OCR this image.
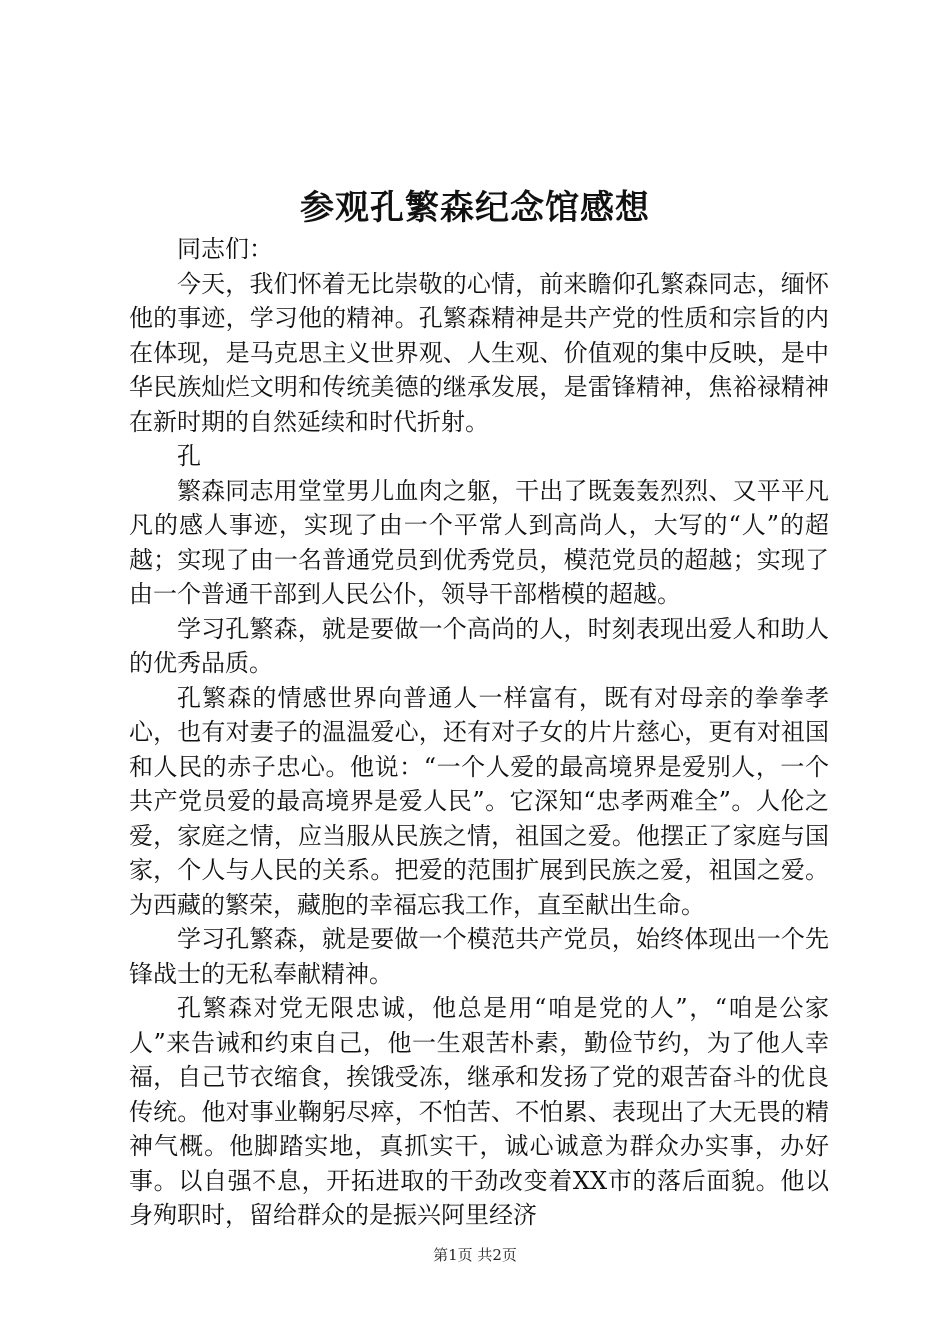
参观孔繁森纪念馆感想

同志们：

今天，我们怀着无比崇敬的心情，前来瞻仰孔繁森同志，缅怀他的事迹，学习他的精神。孔繁森精神是共产党的性质和宗旨的内在体现，是马克思主义世界观、人生观、价值观的集中反映，是中华民族灿烂文明和传统美德的继承发展，是雷锋精神，焦裕禄精神在新时期的自然延续和时代折射。

孔

繁森同志用堂堂男儿血肉之躯，干出了既轰轰烈烈、又平平凡凡的感人事迹，实现了由一个平常人到高尚人，大写的“人”的超越；实现了由一名普通党员到优秀党员，模范党员的超越；实现了由一个普通干部到人民公仆，领导干部楷模的超越。

学习孔繁森，就是要做一个高尚的人，时刻表现出爱人和助人的优秀品质。

孔繁森的情感世界向普通人一样富有，既有对母亲的拳拳孝心，也有对妻子的温温爱心，还有对子女的片片慈心，更有对祖国和人民的赤子忠心。他说：“一个人爱的最高境界是爱别人，一个共产党员爱的最高境界是爱人民”。它深知“忠孝两难全”。人伦之爱，家庭之情，应当服从民族之情，祖国之爱。他摆正了家庭与国家，个人与人民的关系。把爱的范围扩展到民族之爱，祖国之爱。为西藏的繁荣，藏胞的幸福忘我工作，直至献出生命。

学习孔繁森，就是要做一个模范共产党员，始终体现出一个先锋战士的无私奉献精神。

孔繁森对党无限忠诚，他总是用“咱是党的人”，“咱是公家人”来告诫和约束自己，他一生艰苦朴素，勤俭节约，为了他人幸福，自己节衣缩食，挨饿受冻，继承和发扬了党的艰苦奋斗的优良传统。他对事业鞠躬尽瘁，不怕苦、不怕累、表现出了大无畏的精神气概。他脚踏实地，真抓实干，诚心诚意为群众办实事，办好事。以自强不息，开拓进取的干劲改变着XX市的落后面貌。他以身殉职时，留给群众的是振兴阿里经济

第1页 共2页
